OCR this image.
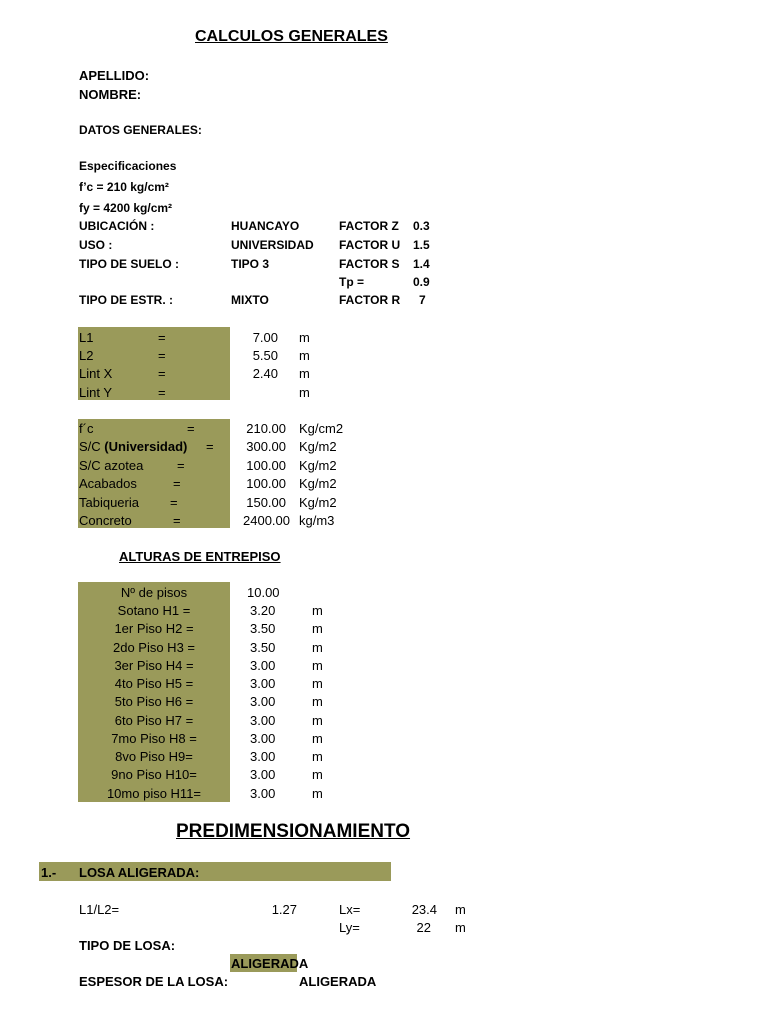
CALCULOS GENERALES
APELLIDO:
NOMBRE:
DATOS GENERALES:
Especificaciones
f’c = 210 kg/cm²
fy = 4200 kg/cm²
UBICACIÓN :	HUANCAYO	FACTOR Z 0.3
USO :	UNIVERSIDAD FACTOR U 1.5
TIPO DE SUELO :	TIPO 3	FACTOR S 1.4
Tp =	0.9
TIPO DE ESTR. :	MIXTO	FACTOR R 7
L1	=	7.00 m
L2	=	5.50 m
Lint X	=	2.40 m
Lint Y	=	m
f´c	=	210.00 Kg/cm2
S/C (Universidad) =	300.00 Kg/m2
S/C azotea	=	100.00 Kg/m2
Acabados	=	100.00 Kg/m2
Tabiqueria =	150.00 Kg/m2
Concreto	=	2400.00 kg/m3
ALTURAS DE ENTREPISO
Nº de pisos	10.00
Sotano H1 =	3.20	m
1er Piso H2 =	3.50	m
2do Piso H3 =	3.50	m
3er Piso H4 =	3.00	m
4to Piso H5 =	3.00	m
5to Piso H6 =	3.00	m
6to Piso H7 =	3.00	m
7mo Piso H8 =	3.00	m
8vo Piso H9=	3.00	m
9no Piso H10=	3.00	m
10mo piso H11=	3.00	m
PREDIMENSIONAMIENTO
1.- LOSA ALIGERADA:
L1/L2=	1.27	Lx=	23.4 m
Ly=	22 m
TIPO DE LOSA:
ALIGERADA
ESPESOR DE LA LOSA:	ALIGERADA
